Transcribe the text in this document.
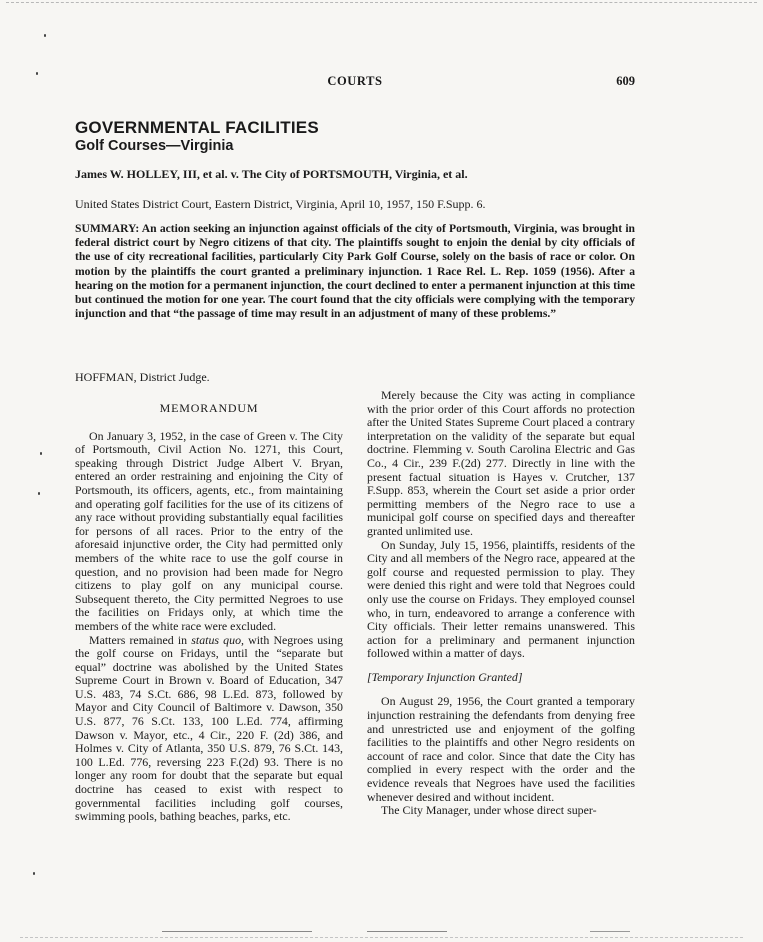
COURTS	609
GOVERNMENTAL FACILITIES
Golf Courses—Virginia
James W. HOLLEY, III, et al. v. The City of PORTSMOUTH, Virginia, et al.
United States District Court, Eastern District, Virginia, April 10, 1957, 150 F.Supp. 6.
SUMMARY: An action seeking an injunction against officials of the city of Portsmouth, Virginia, was brought in federal district court by Negro citizens of that city. The plaintiffs sought to enjoin the denial by city officials of the use of city recreational facilities, particularly City Park Golf Course, solely on the basis of race or color. On motion by the plaintiffs the court granted a preliminary injunction. 1 Race Rel. L. Rep. 1059 (1956). After a hearing on the motion for a permanent injunction, the court declined to enter a permanent injunction at this time but continued the motion for one year. The court found that the city officials were complying with the temporary injunction and that “the passage of time may result in an adjustment of many of these problems.”
HOFFMAN, District Judge.
MEMORANDUM

On January 3, 1952, in the case of Green v. The City of Portsmouth, Civil Action No. 1271, this Court, speaking through District Judge Albert V. Bryan, entered an order restraining and enjoining the City of Portsmouth, its officers, agents, etc., from maintaining and operating golf facilities for the use of its citizens of any race without providing substantially equal facilities for persons of all races. Prior to the entry of the aforesaid injunctive order, the City had permitted only members of the white race to use the golf course in question, and no provision had been made for Negro citizens to play golf on any municipal course. Subsequent thereto, the City permitted Negroes to use the facilities on Fridays only, at which time the members of the white race were excluded.

Matters remained in status quo, with Negroes using the golf course on Fridays, until the “separate but equal” doctrine was abolished by the United States Supreme Court in Brown v. Board of Education, 347 U.S. 483, 74 S.Ct. 686, 98 L.Ed. 873, followed by Mayor and City Council of Baltimore v. Dawson, 350 U.S. 877, 76 S.Ct. 133, 100 L.Ed. 774, affirming Dawson v. Mayor, etc., 4 Cir., 220 F. (2d) 386, and Holmes v. City of Atlanta, 350 U.S. 879, 76 S.Ct. 143, 100 L.Ed. 776, reversing 223 F.(2d) 93. There is no longer any room for doubt that the separate but equal doctrine has ceased to exist with respect to governmental facilities including golf courses, swimming pools, bathing beaches, parks, etc.

Merely because the City was acting in compliance with the prior order of this Court affords no protection after the United States Supreme Court placed a contrary interpretation on the validity of the separate but equal doctrine. Flemming v. South Carolina Electric and Gas Co., 4 Cir., 239 F.(2d) 277. Directly in line with the present factual situation is Hayes v. Crutcher, 137 F.Supp. 853, wherein the Court set aside a prior order permitting members of the Negro race to use a municipal golf course on specified days and thereafter granted unlimited use.

On Sunday, July 15, 1956, plaintiffs, residents of the City and all members of the Negro race, appeared at the golf course and requested permission to play. They were denied this right and were told that Negroes could only use the course on Fridays. They employed counsel who, in turn, endeavored to arrange a conference with City officials. Their letter remains unanswered. This action for a preliminary and permanent injunction followed within a matter of days.

[Temporary Injunction Granted]

On August 29, 1956, the Court granted a temporary injunction restraining the defendants from denying free and unrestricted use and enjoyment of the golfing facilities to the plaintiffs and other Negro residents on account of race and color. Since that date the City has complied in every respect with the order and the evidence reveals that Negroes have used the facilities whenever desired and without incident.

The City Manager, under whose direct super-
